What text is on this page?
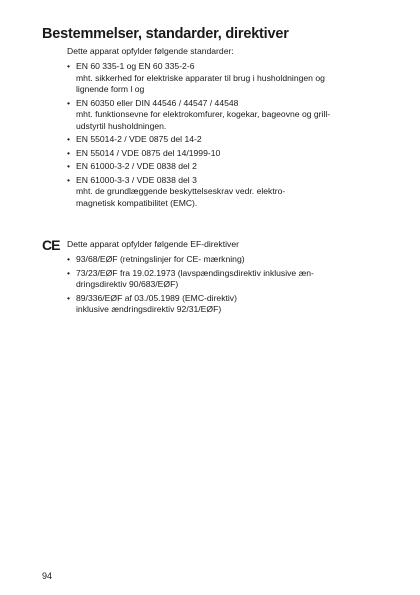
Bestemmelser, standarder, direktiver

Dette apparat opfylder følgende standarder:

• EN 60 335-1 og EN 60 335-2-6
mht. sikkerhed for elektriske apparater til brug i husholdningen og
lignende form l og
• EN 60350 eller DIN 44546 / 44547 / 44548
mht. funktionsevne for elektrokomfurer, kogekar, bageovne og grill-
udstyrtil husholdningen.
• EN 55014-2 / VDE 0875 del 14-2
• EN 55014 / VDE 0875 del 14/1999-10
• EN 61000-3-2 / VDE 0838 del 2
• EN 61000-3-3 / VDE 0838 del 3
mht. de grundlæggende beskyttelseskrav vedr. elektro-
magnetisk kompatibilitet (EMC).
CE Dette apparat opfylder følgende EF-direktiver

• 93/68/EØF (retningslinjer for CE- mærkning)
• 73/23/EØF fra 19.02.1973 (lavspændingsdirektiv inklusive æn-
dringsdirektiv 90/683/EØF)
• 89/336/EØF af 03./05.1989 (EMC-direktiv)
inklusive ændringsdirektiv 92/31/EØF)
94
